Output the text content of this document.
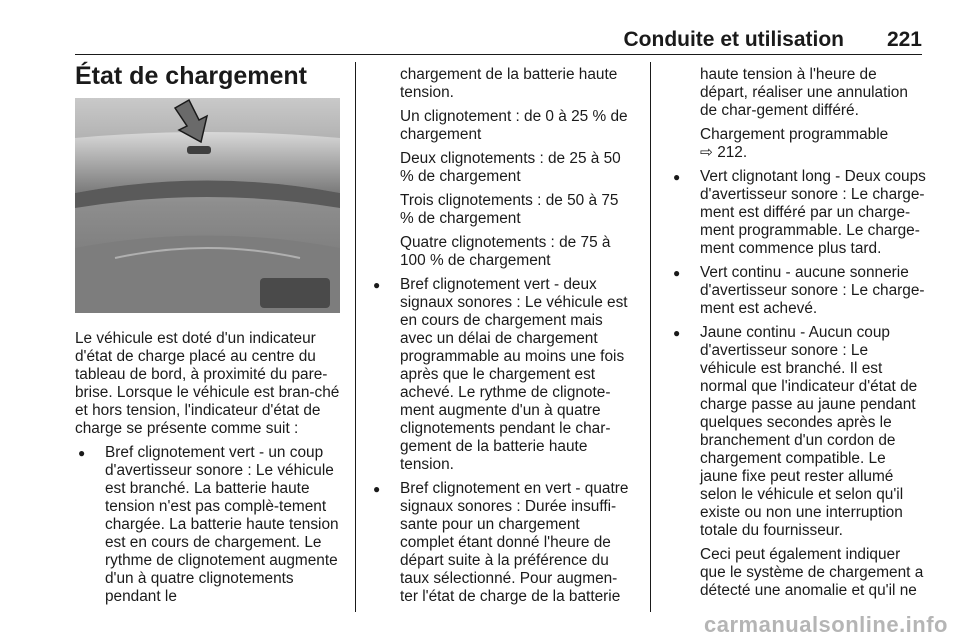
Conduite et utilisation 221
État de chargement

Le véhicule est doté d'un indicateur d'état de charge placé au centre du tableau de bord, à proximité du pare-brise. Lorsque le véhicule est bran-ché et hors tension, l'indicateur d'état de charge se présente comme suit :

● Bref clignotement vert - un coup d'avertisseur sonore : Le véhicule est branché. La batterie haute tension n'est pas complè-tement chargée. La batterie haute tension est en cours de chargement. Le rythme de clignotement augmente d'un à quatre clignotements pendant le

chargement de la batterie haute tension.

Un clignotement : de 0 à 25 % de chargement

Deux clignotements : de 25 à 50 % de chargement

Trois clignotements : de 50 à 75 % de chargement

Quatre clignotements : de 75 à 100 % de chargement

● Bref clignotement vert - deux signaux sonores : Le véhicule est en cours de chargement mais avec un délai de chargement programmable au moins une fois après que le chargement est achevé. Le rythme de clignote-ment augmente d'un à quatre clignotements pendant le char-gement de la batterie haute tension.

● Bref clignotement en vert - quatre signaux sonores : Durée insuffi-sante pour un chargement complet étant donné l'heure de départ suite à la préférence du taux sélectionné. Pour augmen-ter l'état de charge de la batterie

haute tension à l'heure de départ, réaliser une annulation de char-gement différé.

Chargement programmable
⇨ 212.

● Vert clignotant long - Deux coups d'avertisseur sonore : Le charge-ment est différé par un charge-ment programmable. Le charge-ment commence plus tard.

● Vert continu - aucune sonnerie d'avertisseur sonore : Le charge-ment est achevé.

● Jaune continu - Aucun coup d'avertisseur sonore : Le véhicule est branché. Il est normal que l'indicateur d'état de charge passe au jaune pendant quelques secondes après le branchement d'un cordon de chargement compatible. Le jaune fixe peut rester allumé selon le véhicule et selon qu'il existe ou non une interruption totale du fournisseur.

Ceci peut également indiquer que le système de chargement a détecté une anomalie et qu'il ne

carmanualsonline.info
